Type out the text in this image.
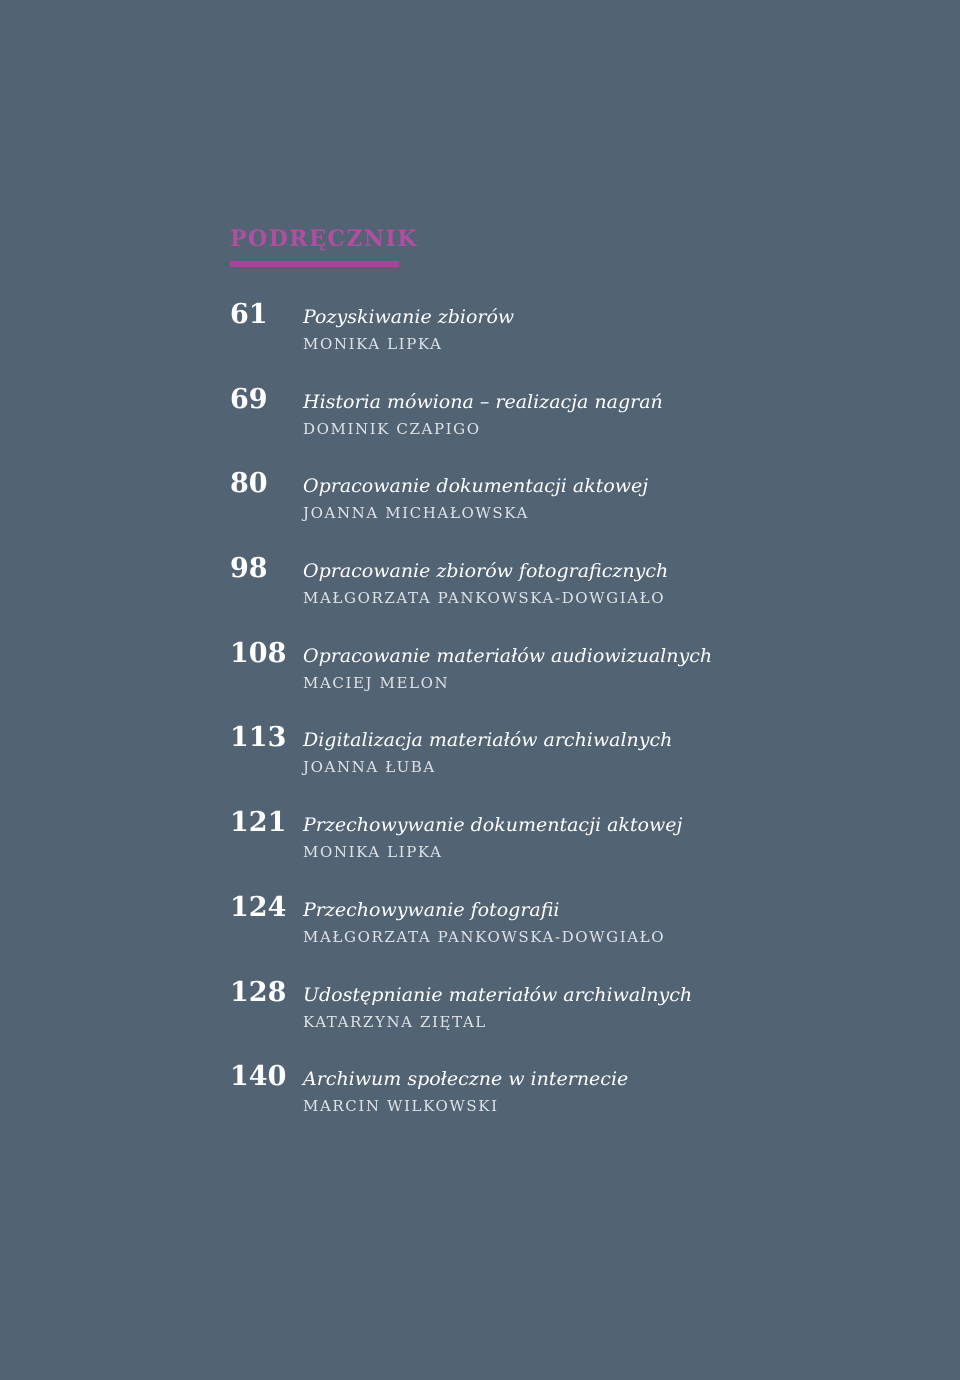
PODRĘCZNIK
61	Pozyskiwanie zbiorów
MONIKA LIPKA
69	Historia mówiona – realizacja nagrań
DOMINIK CZAPIGO
80	Opracowanie dokumentacji aktowej
JOANNA MICHAŁOWSKA
98	Opracowanie zbiorów fotograficznych
MAŁGORZATA PANKOWSKA-DOWGIAŁO
108 Opracowanie materiałów audiowizualnych
MACIEJ MELON
113 Digitalizacja materiałów archiwalnych
JOANNA ŁUBA
121 Przechowywanie dokumentacji aktowej
MONIKA LIPKA
124 Przechowywanie fotografii
MAŁGORZATA PANKOWSKA-DOWGIAŁO
128 Udostępnianie materiałów archiwalnych
KATARZYNA ZIĘTAL
140 Archiwum społeczne w internecie
MARCIN WILKOWSKI
